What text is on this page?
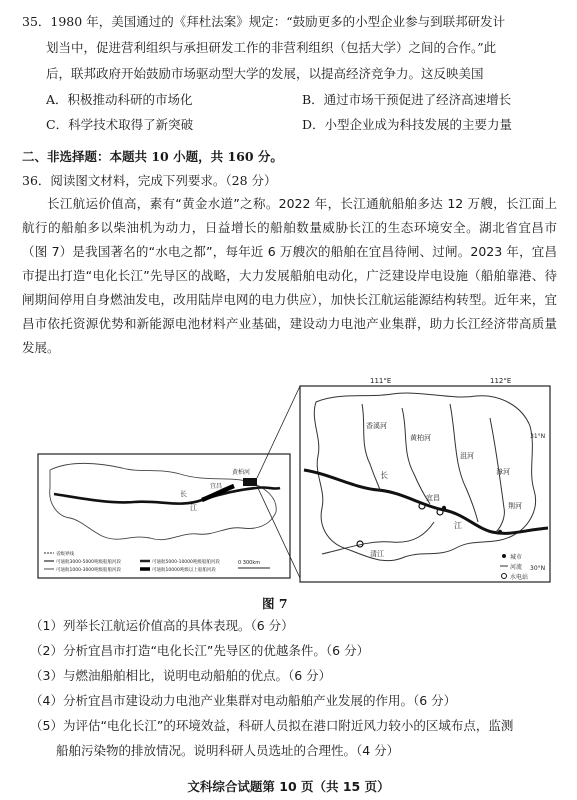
35．1980 年，美国通过的《拜杜法案》规定：“鼓励更多的小型企业参与到联邦研发计
划当中，促进营利组织与承担研发工作的非营利组织（包括大学）之间的合作。”此
后，联邦政府开始鼓励市场驱动型大学的发展，以提高经济竞争力。这反映美国
A．积极推动科研的市场化	B．通过市场干预促进了经济高速增长
C．科学技术取得了新突破	D．小型企业成为科技发展的主要力量
二、非选择题：本题共 10 小题，共 160 分。
36．阅读图文材料，完成下列要求。（28 分）
长江航运价值高，素有“黄金水道”之称。2022 年，长江通航船舶多达 12 万艘，长江面上航行的船舶多以柴油机为动力，日益增长的船舶数量威胁长江的生态环境安全。湖北省宜昌市（图 7）是我国著名的“水电之都”，每年近 6 万艘次的船舶在宜昌待闸、过闸。2023 年，宜昌市提出打造“电化长江”先导区的战略，大力发展船舶电动化，广泛建设岸电设施（船舶靠港、待闸期间停用自身燃油发电，改用陆岸电网的电力供应），加快长江航运能源结构转型。近年来，宜昌市依托资源优势和新能源电池材料产业基础，建设动力电池产业集群，助力长江经济带高质量发展。
黄柏河
宜昌
长
江
省级界线
可通航3000-5000吨级船舶河段
可通航1000-3000吨级船舶河段
可通航5000-10000吨级船舶河段
可通航10000吨级以上船舶河段
0 300km
111°E	112°E
31°N
30°N
香溪河
长
宜昌
江
黄柏河
沮河
漳河
清江
荆河
城市
河流
水电站
图 7
（1）列举长江航运价值高的具体表现。（6 分）
（2）分析宜昌市打造“电化长江”先导区的优越条件。（6 分）
（3）与燃油船舶相比，说明电动船舶的优点。（6 分）
（4）分析宜昌市建设动力电池产业集群对电动船舶产业发展的作用。（6 分）
（5）为评估“电化长江”的环境效益，科研人员拟在港口附近风力较小的区域布点，监测
船舶污染物的排放情况。说明科研人员选址的合理性。（4 分）
文科综合试题第 10 页（共 15 页）
